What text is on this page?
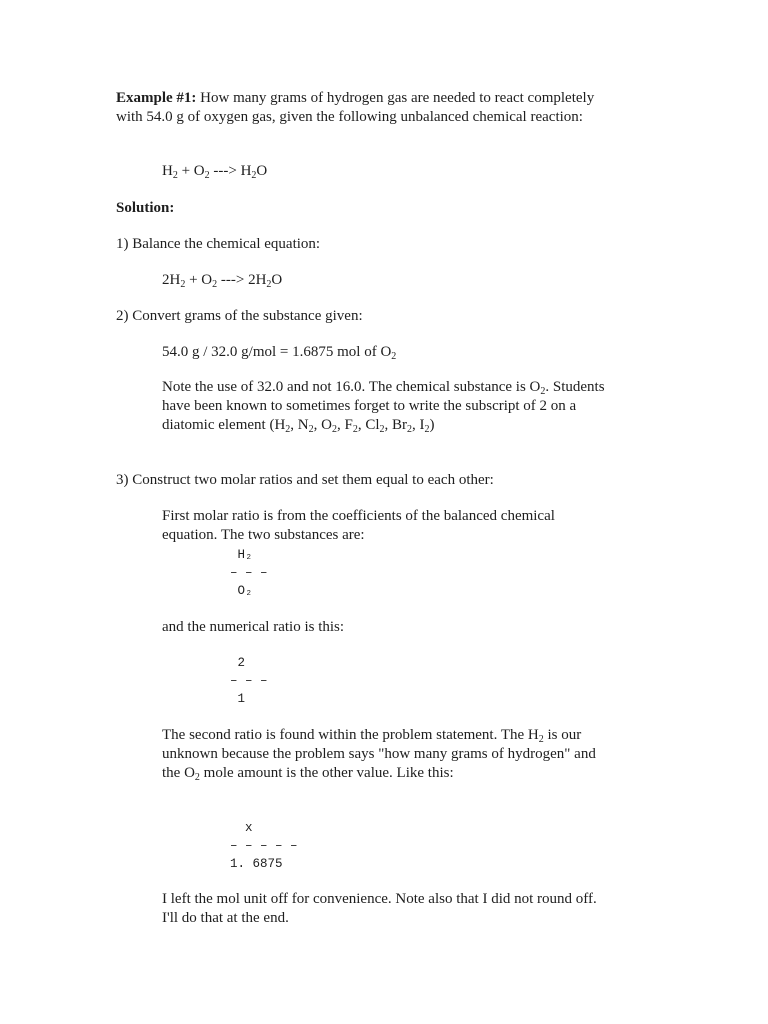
Example #1: How many grams of hydrogen gas are needed to react completely with 54.0 g of oxygen gas, given the following unbalanced chemical reaction:
$H_2 + O_2$ ---> $H_2O$
Solution:
1) Balance the chemical equation:
$2H_2 + O_2$ ---> $2H_2O$
2) Convert grams of the substance given:
54.0 g / 32.0 g/mol = 1.6875 mol of $O_2$
Note the use of 32.0 and not 16.0. The chemical substance is $O_2$. Students have been known to sometimes forget to write the subscript of 2 on a diatomic element ($H_2$, $N_2$, $O_2$, $F_2$, $Cl_2$, $Br_2$, $I_2$)
3) Construct two molar ratios and set them equal to each other:
First molar ratio is from the coefficients of the balanced chemical equation. The two substances are:
H₂
– – –
O₂
and the numerical ratio is this:
2
– – –
1
The second ratio is found within the problem statement. The $H_2$ is our unknown because the problem says "how many grams of hydrogen" and the $O_2$ mole amount is the other value. Like this:
x
– – – – –
1. 6875
I left the mol unit off for convenience. Note also that I did not round off. I'll do that at the end.
